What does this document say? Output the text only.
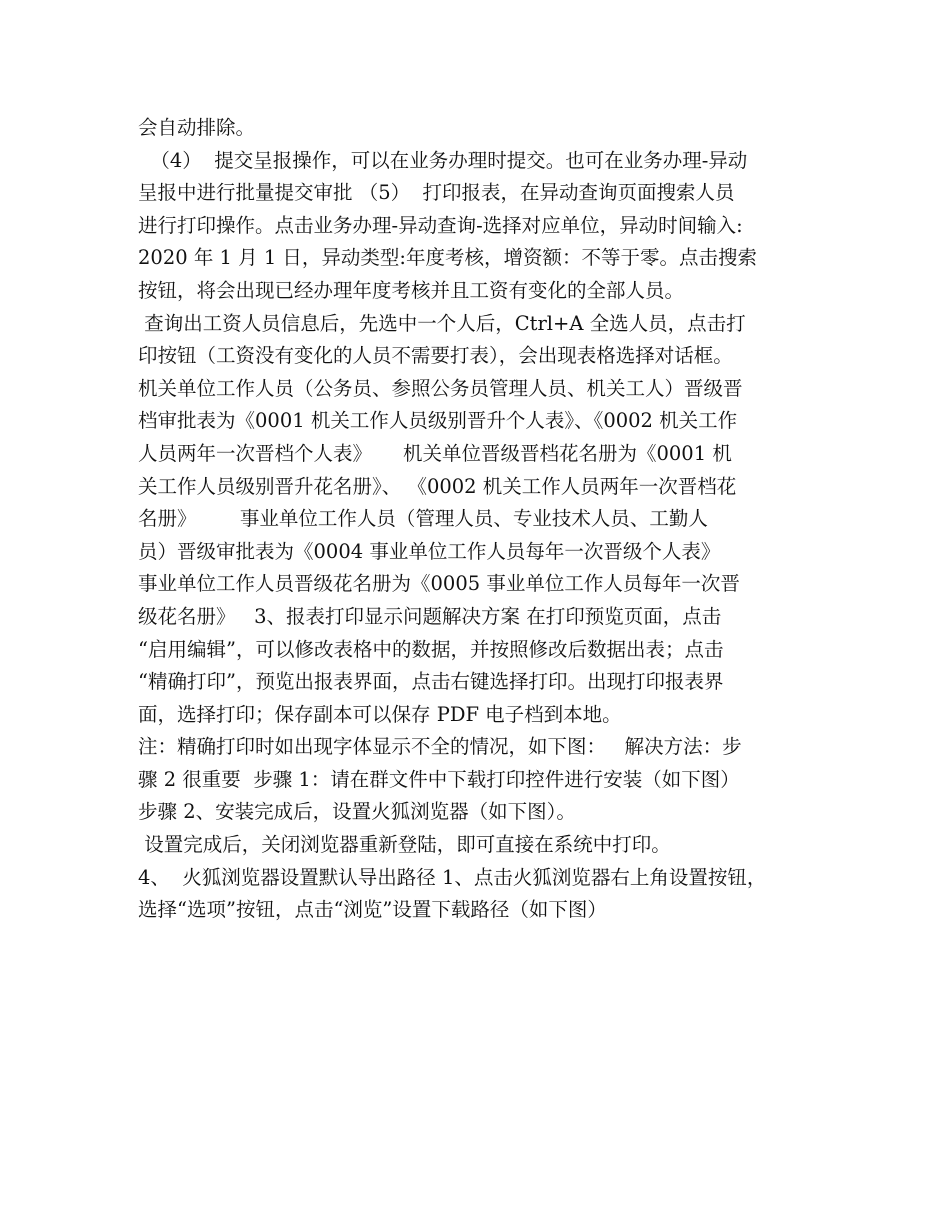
会自动排除。
（4）  提交呈报操作，可以在业务办理时提交。也可在业务办理-异动
呈报中进行批量提交审批 （5）  打印报表，在异动查询页面搜索人员
进行打印操作。点击业务办理-异动查询-选择对应单位，异动时间输入:
2020 年 1 月 1 日，异动类型:年度考核，增资额：不等于零。点击搜索
按钮，将会出现已经办理年度考核并且工资有变化的全部人员。
查询出工资人员信息后，先选中一个人后，Ctrl+A 全选人员，点击打
印按钮（工资没有变化的人员不需要打表），会出现表格选择对话框。
机关单位工作人员（公务员、参照公务员管理人员、机关工人）晋级晋
档审批表为《0001 机关工作人员级别晋升个人表》、《0002 机关工作
人员两年一次晋档个人表》     机关单位晋级晋档花名册为《0001 机
关工作人员级别晋升花名册》、 《0002 机关工作人员两年一次晋档花
名册》       事业单位工作人员（管理人员、专业技术人员、工勤人
员）晋级审批表为《0004 事业单位工作人员每年一次晋级个人表》
事业单位工作人员晋级花名册为《0005 事业单位工作人员每年一次晋
级花名册》   3、报表打印显示问题解决方案 在打印预览页面，点击
“启用编辑”，可以修改表格中的数据，并按照修改后数据出表；点击
“精确打印”，预览出报表界面，点击右键选择打印。出现打印报表界
面，选择打印；保存副本可以保存 PDF 电子档到本地。
注：精确打印时如出现字体显示不全的情况，如下图：   解决方法：步
骤 2 很重要  步骤 1：请在群文件中下载打印控件进行安装（如下图）
步骤 2、安装完成后，设置火狐浏览器（如下图）。
设置完成后，关闭浏览器重新登陆，即可直接在系统中打印。
4、  火狐浏览器设置默认导出路径 1、点击火狐浏览器右上角设置按钮，
选择“选项”按钮，点击“浏览”设置下载路径（如下图）
